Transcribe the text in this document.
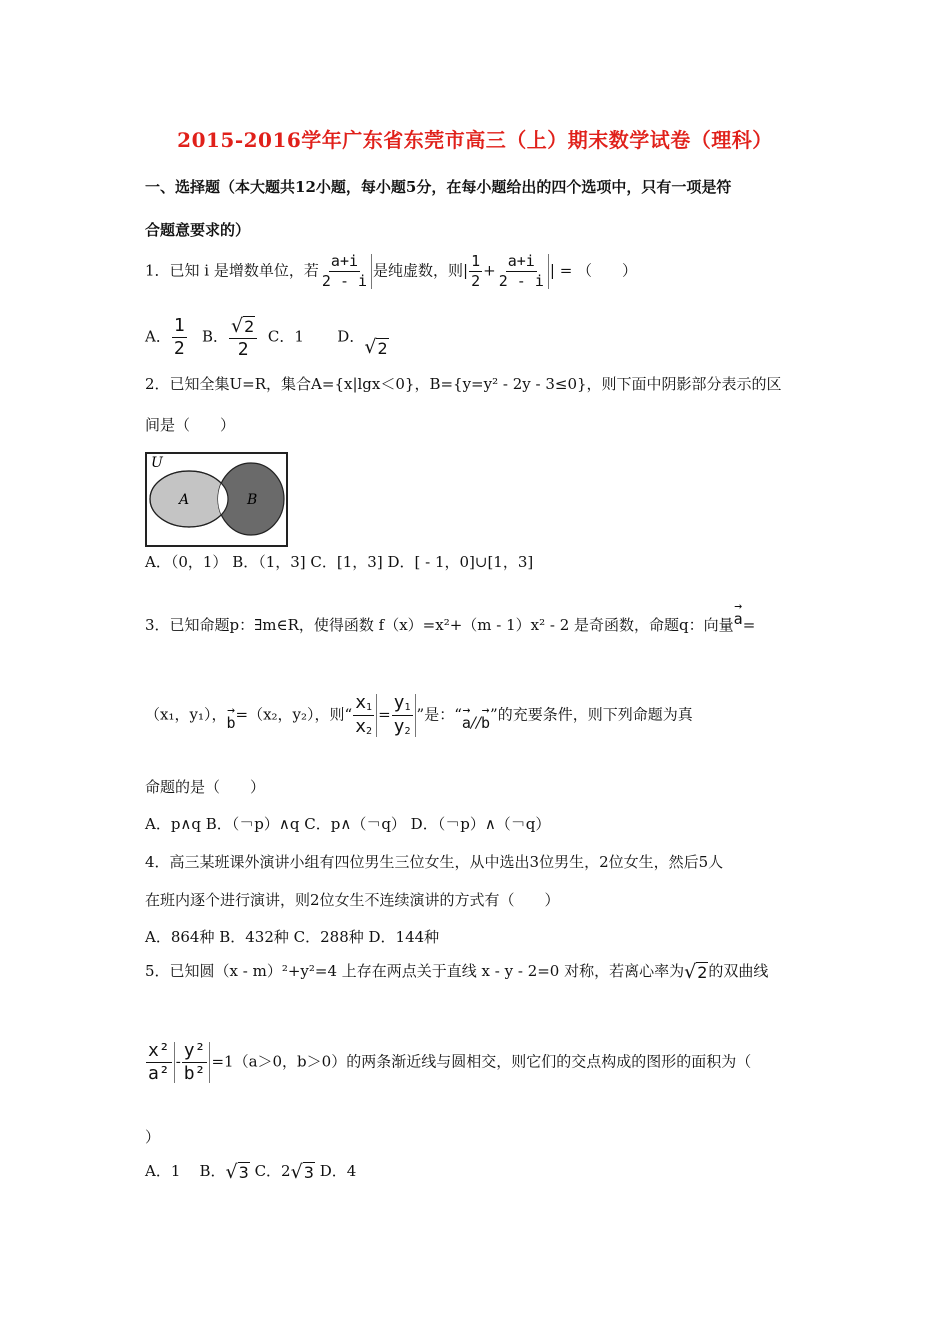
2015-2016学年广东省东莞市高三（上）期末数学试卷（理科）
一、选择题（本大题共12小题，每小题5分，在每小题给出的四个选项中，只有一项是符
合题意要求的）
1．已知 i 是增数单位，若 $\frac{a+i}{2 - i}$ 是纯虚数，则| $\frac{1}{2} + \frac{a+i}{2 - i}$ | = （　　）
A． $\frac{1}{2}$ B． $\frac{√ 2}{2}$ C．1 D． √ 2
2．已知全集U=R，集合A={x|lgx＜0}，B={y=y² - 2y - 3≤0}，则下面中阴影部分表示的区
间是（　　）
U
A	B
A．（0，1） B．（1，3] C．[1，3] D．[ - 1，0]∪[1，3]
3．已知命题p：∃m∈R，使得函数 f（x）=x²+（m - 1）x² - 2 是奇函数，命题q：向量
→
a=
（x₁，y₁）， →
b=（x₂，y₂），则“ $\frac{x_1}{x_2} = \frac{y_1}{y_2}$ ”是：“ →
a//
→
b”的充要条件，则下列命题为真
命题的是（　　）
A．p∧q B．（￢p）∧q C．p∧（￢q） D．（￢p）∧（￢q）
4．高三某班课外演讲小组有四位男生三位女生，从中选出3位男生，2位女生，然后5人
在班内逐个进行演讲，则2位女生不连续演讲的方式有（　　）
A．864种 B．432种 C．288种 D．144种
5．已知圆（x - m）²+y²=4 上存在两点关于直线 x - y - 2=0 对称，若离心率为 √ 2 的双曲线
$\frac{\text{x²}}{\text{a²}} - \frac{\text{y²}}{\text{b²}} =1(a>0$，b＞0）的两条渐近线与圆相交，则它们的交点构成的图形的面积为（
）
A．1 B． √ 3 C．2 √ 3 D．4
